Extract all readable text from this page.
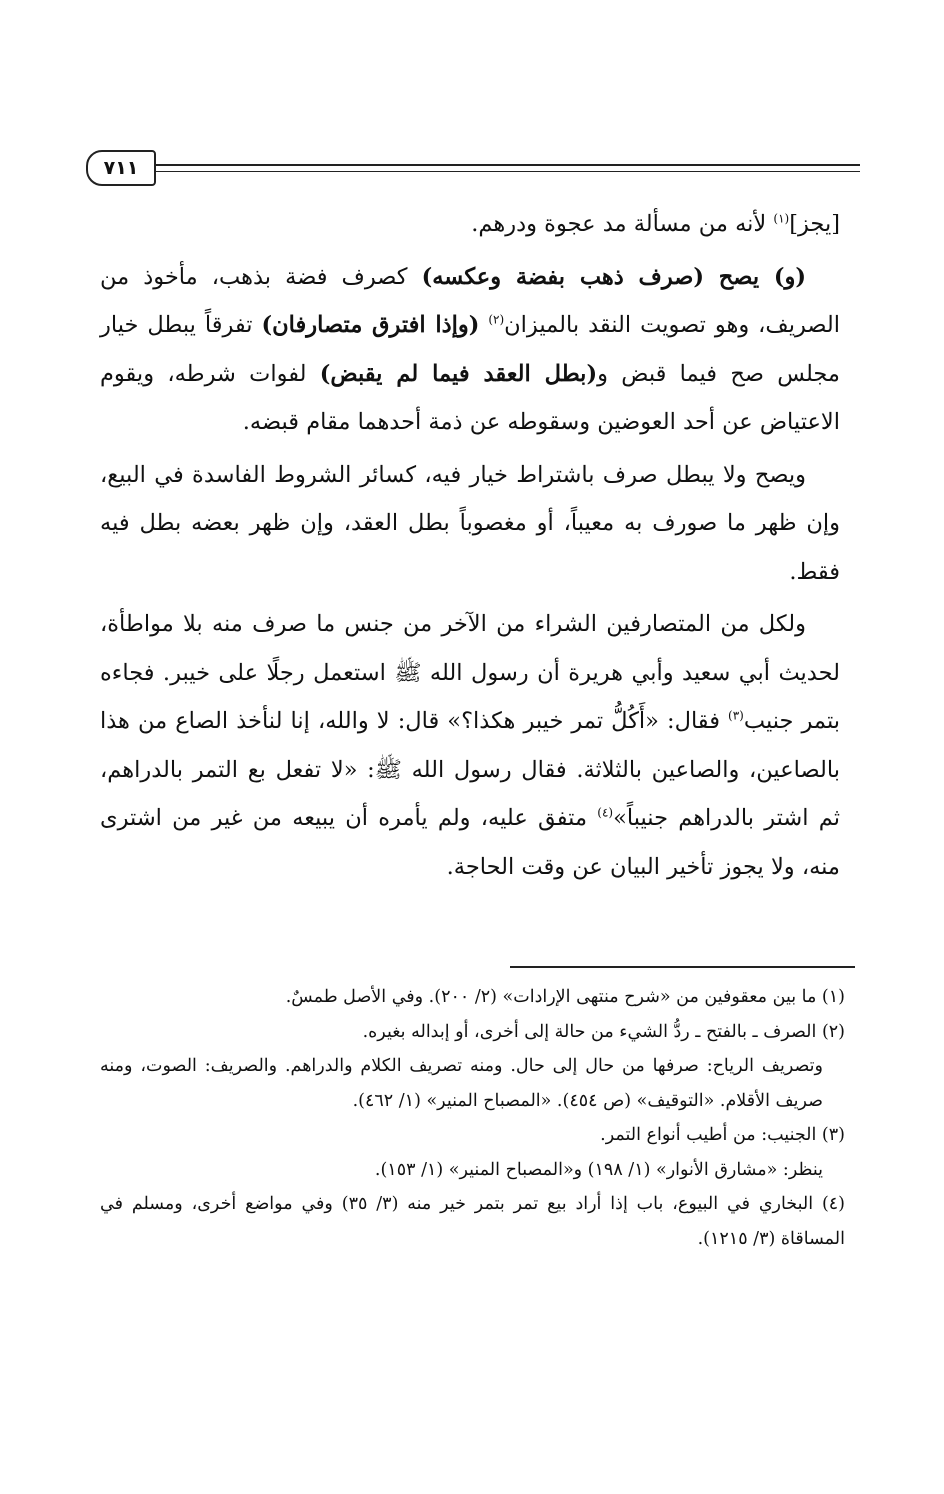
٧١١

[يجز]$^{(١)}$ لأنه من مسألة مد عجوة ودرهم.

(و) يصح (صرف ذهب بفضة وعكسه) كصرف فضة بذهب، مأخوذ من الصريف، وهو تصويت النقد بالميزان$^{(٢)}$ (وإذا افترق متصارفان) تفرقاً يبطل خيار مجلس صح فيما قبض و(بطل العقد فيما لم يقبض) لفوات شرطه، ويقوم الاعتياض عن أحد العوضين وسقوطه عن ذمة أحدهما مقام قبضه.

ويصح ولا يبطل صرف باشتراط خيار فيه، كسائر الشروط الفاسدة في البيع، وإن ظهر ما صورف به معيباً، أو مغصوباً بطل العقد، وإن ظهر بعضه بطل فيه فقط.

ولكل من المتصارفين الشراء من الآخر من جنس ما صرف منه بلا مواطأة، لحديث أبي سعيد وأبي هريرة أن رسول الله ﷺ استعمل رجلًا على خيبر. فجاءه بتمر جنيب$^{(٣)}$ فقال: «أَكُلُّ تمر خيبر هكذا؟» قال: لا والله، إنا لنأخذ الصاع من هذا بالصاعين، والصاعين بالثلاثة. فقال رسول الله ﷺ: «لا تفعل بع التمر بالدراهم، ثم اشتر بالدراهم جنيباً»$^{(٤)}$ متفق عليه، ولم يأمره أن يبيعه من غير من اشترى منه، ولا يجوز تأخير البيان عن وقت الحاجة.

(١) ما بين معقوفين من «شرح منتهى الإرادات» (٢/ ٢٠٠). وفي الأصل طمسٌ.

(٢) الصرف ـ بالفتح ـ ردُّ الشيء من حالة إلى أخرى، أو إبداله بغيره.

وتصريف الرياح: صرفها من حال إلى حال. ومنه تصريف الكلام والدراهم. والصريف: الصوت، ومنه صريف الأقلام. «التوقيف» (ص ٤٥٤). «المصباح المنير» (١/ ٤٦٢).

(٣) الجنيب: من أطيب أنواع التمر.

ينظر: «مشارق الأنوار» (١/ ١٩٨) و«المصباح المنير» (١/ ١٥٣).

(٤) البخاري في البيوع، باب إذا أراد بيع تمر بتمر خير منه (٣/ ٣٥) وفي مواضع أخرى، ومسلم في المساقاة (٣/ ١٢١٥).
